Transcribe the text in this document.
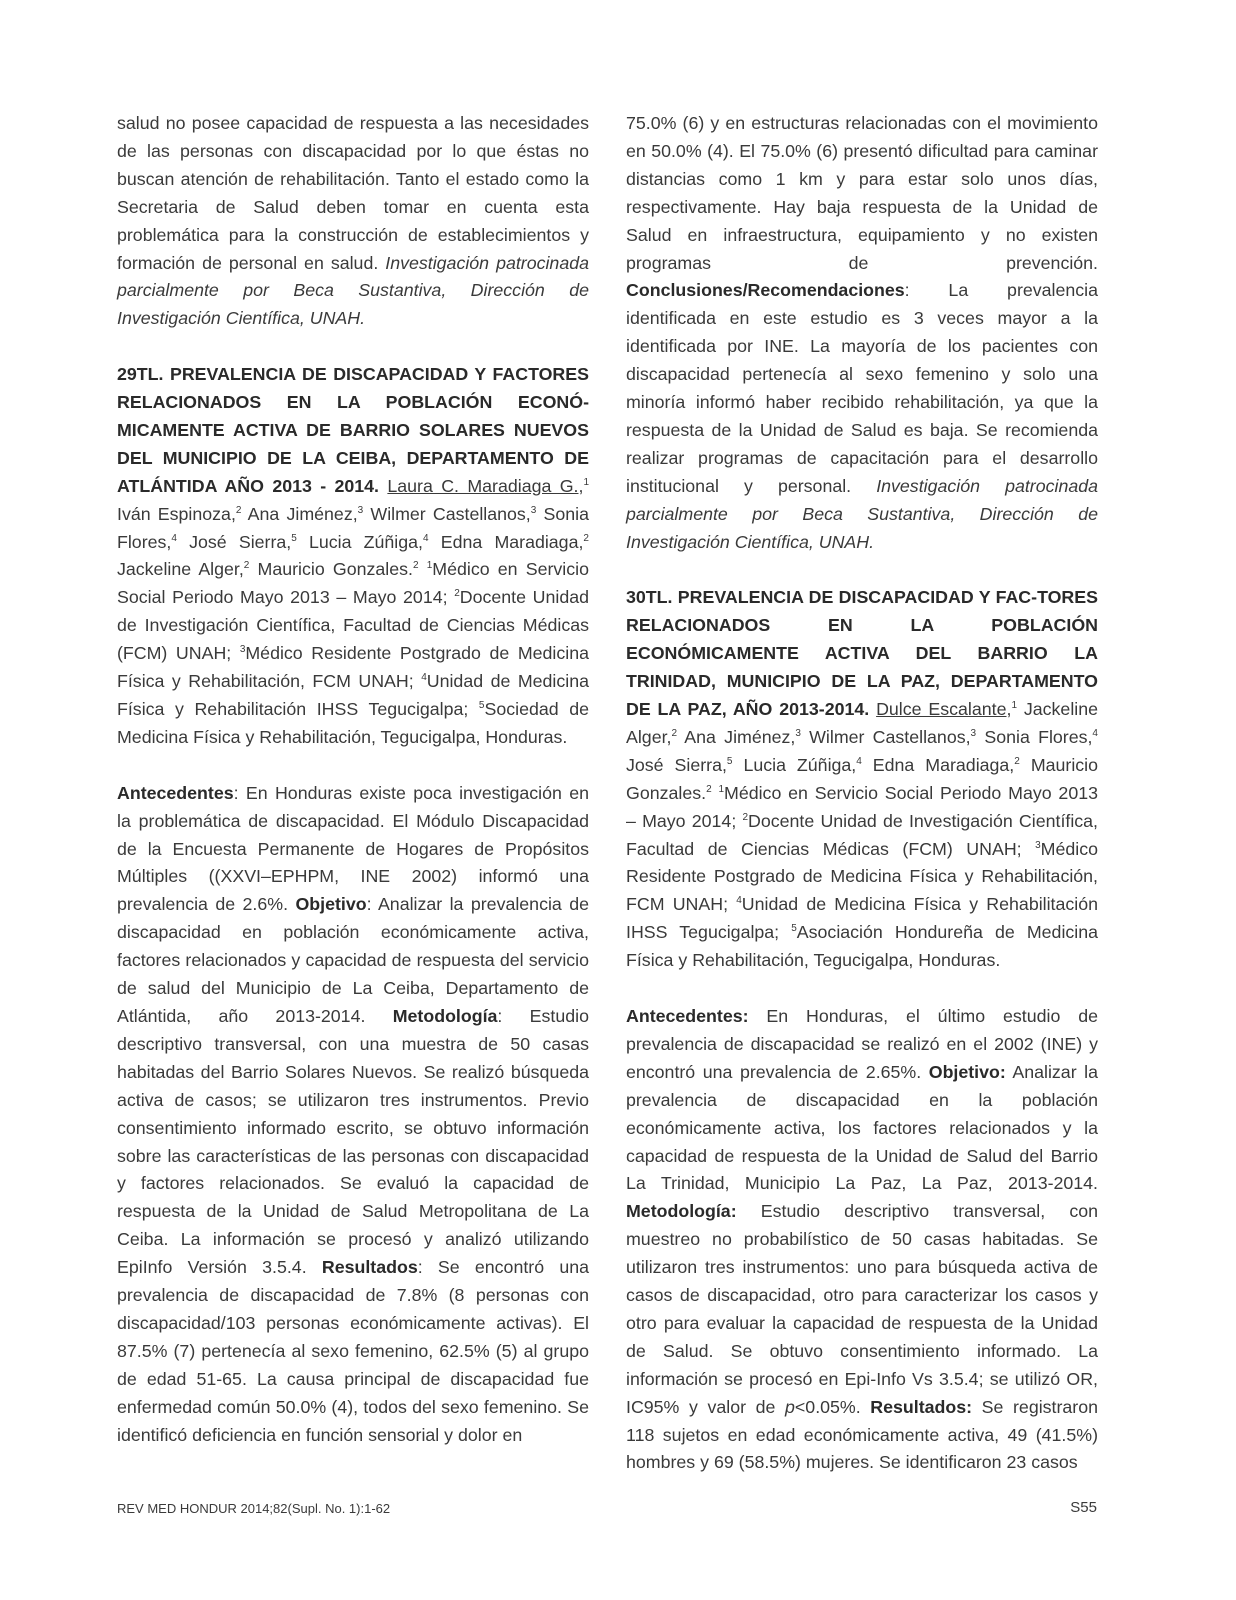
salud no posee capacidad de respuesta a las necesidades de las personas con discapacidad por lo que éstas no buscan atención de rehabilitación. Tanto el estado como la Secretaria de Salud deben tomar en cuenta esta problemática para la construcción de establecimientos y formación de personal en salud. Investigación patrocinada parcialmente por Beca Sustantiva, Dirección de Investigación Científica, UNAH.

29TL. PREVALENCIA DE DISCAPACIDAD Y FACTORES RELACIONADOS EN LA POBLACIÓN ECONÓ-MICAMENTE ACTIVA DE BARRIO SOLARES NUEVOS DEL MUNICIPIO DE LA CEIBA, DEPARTAMENTO DE ATLÁNTIDA AÑO 2013 - 2014. Laura C. Maradiaga G.,$^1$ Iván Espinoza,$^2$ Ana Jiménez,$^3$ Wilmer Castellanos,$^3$ Sonia Flores,$^4$ José Sierra,$^5$ Lucia Zúñiga,$^4$ Edna Maradiaga,$^2$ Jackeline Alger,$^2$ Mauricio Gonzales.$^2$ $^1$Médico en Servicio Social Periodo Mayo 2013 – Mayo 2014; $^2$Docente Unidad de Investigación Científica, Facultad de Ciencias Médicas (FCM) UNAH; $^3$Médico Residente Postgrado de Medicina Física y Rehabilitación, FCM UNAH; $^4$Unidad de Medicina Física y Rehabilitación IHSS Tegucigalpa; $^5$Sociedad de Medicina Física y Rehabilitación, Tegucigalpa, Honduras.

Antecedentes: En Honduras existe poca investigación en la problemática de discapacidad. El Módulo Discapacidad de la Encuesta Permanente de Hogares de Propósitos Múltiples ((XXVI–EPHPM, INE 2002) informó una prevalencia de 2.6%. Objetivo: Analizar la prevalencia de discapacidad en población económicamente activa, factores relacionados y capacidad de respuesta del servicio de salud del Municipio de La Ceiba, Departamento de Atlántida, año 2013-2014. Metodología: Estudio descriptivo transversal, con una muestra de 50 casas habitadas del Barrio Solares Nuevos. Se realizó búsqueda activa de casos; se utilizaron tres instrumentos. Previo consentimiento informado escrito, se obtuvo información sobre las características de las personas con discapacidad y factores relacionados. Se evaluó la capacidad de respuesta de la Unidad de Salud Metropolitana de La Ceiba. La información se procesó y analizó utilizando EpiInfo Versión 3.5.4. Resultados: Se encontró una prevalencia de discapacidad de 7.8% (8 personas con discapacidad/103 personas económicamente activas). El 87.5% (7) pertenecía al sexo femenino, 62.5% (5) al grupo de edad 51-65. La causa principal de discapacidad fue enfermedad común 50.0% (4), todos del sexo femenino. Se identificó deficiencia en función sensorial y dolor en

75.0% (6) y en estructuras relacionadas con el movimiento en 50.0% (4). El 75.0% (6) presentó dificultad para caminar distancias como 1 km y para estar solo unos días, respectivamente. Hay baja respuesta de la Unidad de Salud en infraestructura, equipamiento y no existen programas de prevención. Conclusiones/Recomendaciones: La prevalencia identificada en este estudio es 3 veces mayor a la identificada por INE. La mayoría de los pacientes con discapacidad pertenecía al sexo femenino y solo una minoría informó haber recibido rehabilitación, ya que la respuesta de la Unidad de Salud es baja. Se recomienda realizar programas de capacitación para el desarrollo institucional y personal. Investigación patrocinada parcialmente por Beca Sustantiva, Dirección de Investigación Científica, UNAH.

30TL. PREVALENCIA DE DISCAPACIDAD Y FAC-TORES RELACIONADOS EN LA POBLACIÓN ECONÓMICAMENTE ACTIVA DEL BARRIO LA TRINIDAD, MUNICIPIO DE LA PAZ, DEPARTAMENTO DE LA PAZ, AÑO 2013-2014. Dulce Escalante,$^1$ Jackeline Alger,$^2$ Ana Jiménez,$^3$ Wilmer Castellanos,$^3$ Sonia Flores,$^4$ José Sierra,$^5$ Lucia Zúñiga,$^4$ Edna Maradiaga,$^2$ Mauricio Gonzales.$^2$ $^1$Médico en Servicio Social Periodo Mayo 2013 – Mayo 2014; $^2$Docente Unidad de Investigación Científica, Facultad de Ciencias Médicas (FCM) UNAH; $^3$Médico Residente Postgrado de Medicina Física y Rehabilitación, FCM UNAH; $^4$Unidad de Medicina Física y Rehabilitación IHSS Tegucigalpa; $^5$Asociación Hondureña de Medicina Física y Rehabilitación, Tegucigalpa, Honduras.

Antecedentes: En Honduras, el último estudio de prevalencia de discapacidad se realizó en el 2002 (INE) y encontró una prevalencia de 2.65%. Objetivo: Analizar la prevalencia de discapacidad en la población económicamente activa, los factores relacionados y la capacidad de respuesta de la Unidad de Salud del Barrio La Trinidad, Municipio La Paz, La Paz, 2013-2014. Metodología: Estudio descriptivo transversal, con muestreo no probabilístico de 50 casas habitadas. Se utilizaron tres instrumentos: uno para búsqueda activa de casos de discapacidad, otro para caracterizar los casos y otro para evaluar la capacidad de respuesta de la Unidad de Salud. Se obtuvo consentimiento informado. La información se procesó en Epi-Info Vs 3.5.4; se utilizó OR, IC95% y valor de p<0.05%. Resultados: Se registraron 118 sujetos en edad económicamente activa, 49 (41.5%) hombres y 69 (58.5%) mujeres. Se identificaron 23 casos

REV MED HONDUR 2014;82(Supl. No. 1):1-62	S55
